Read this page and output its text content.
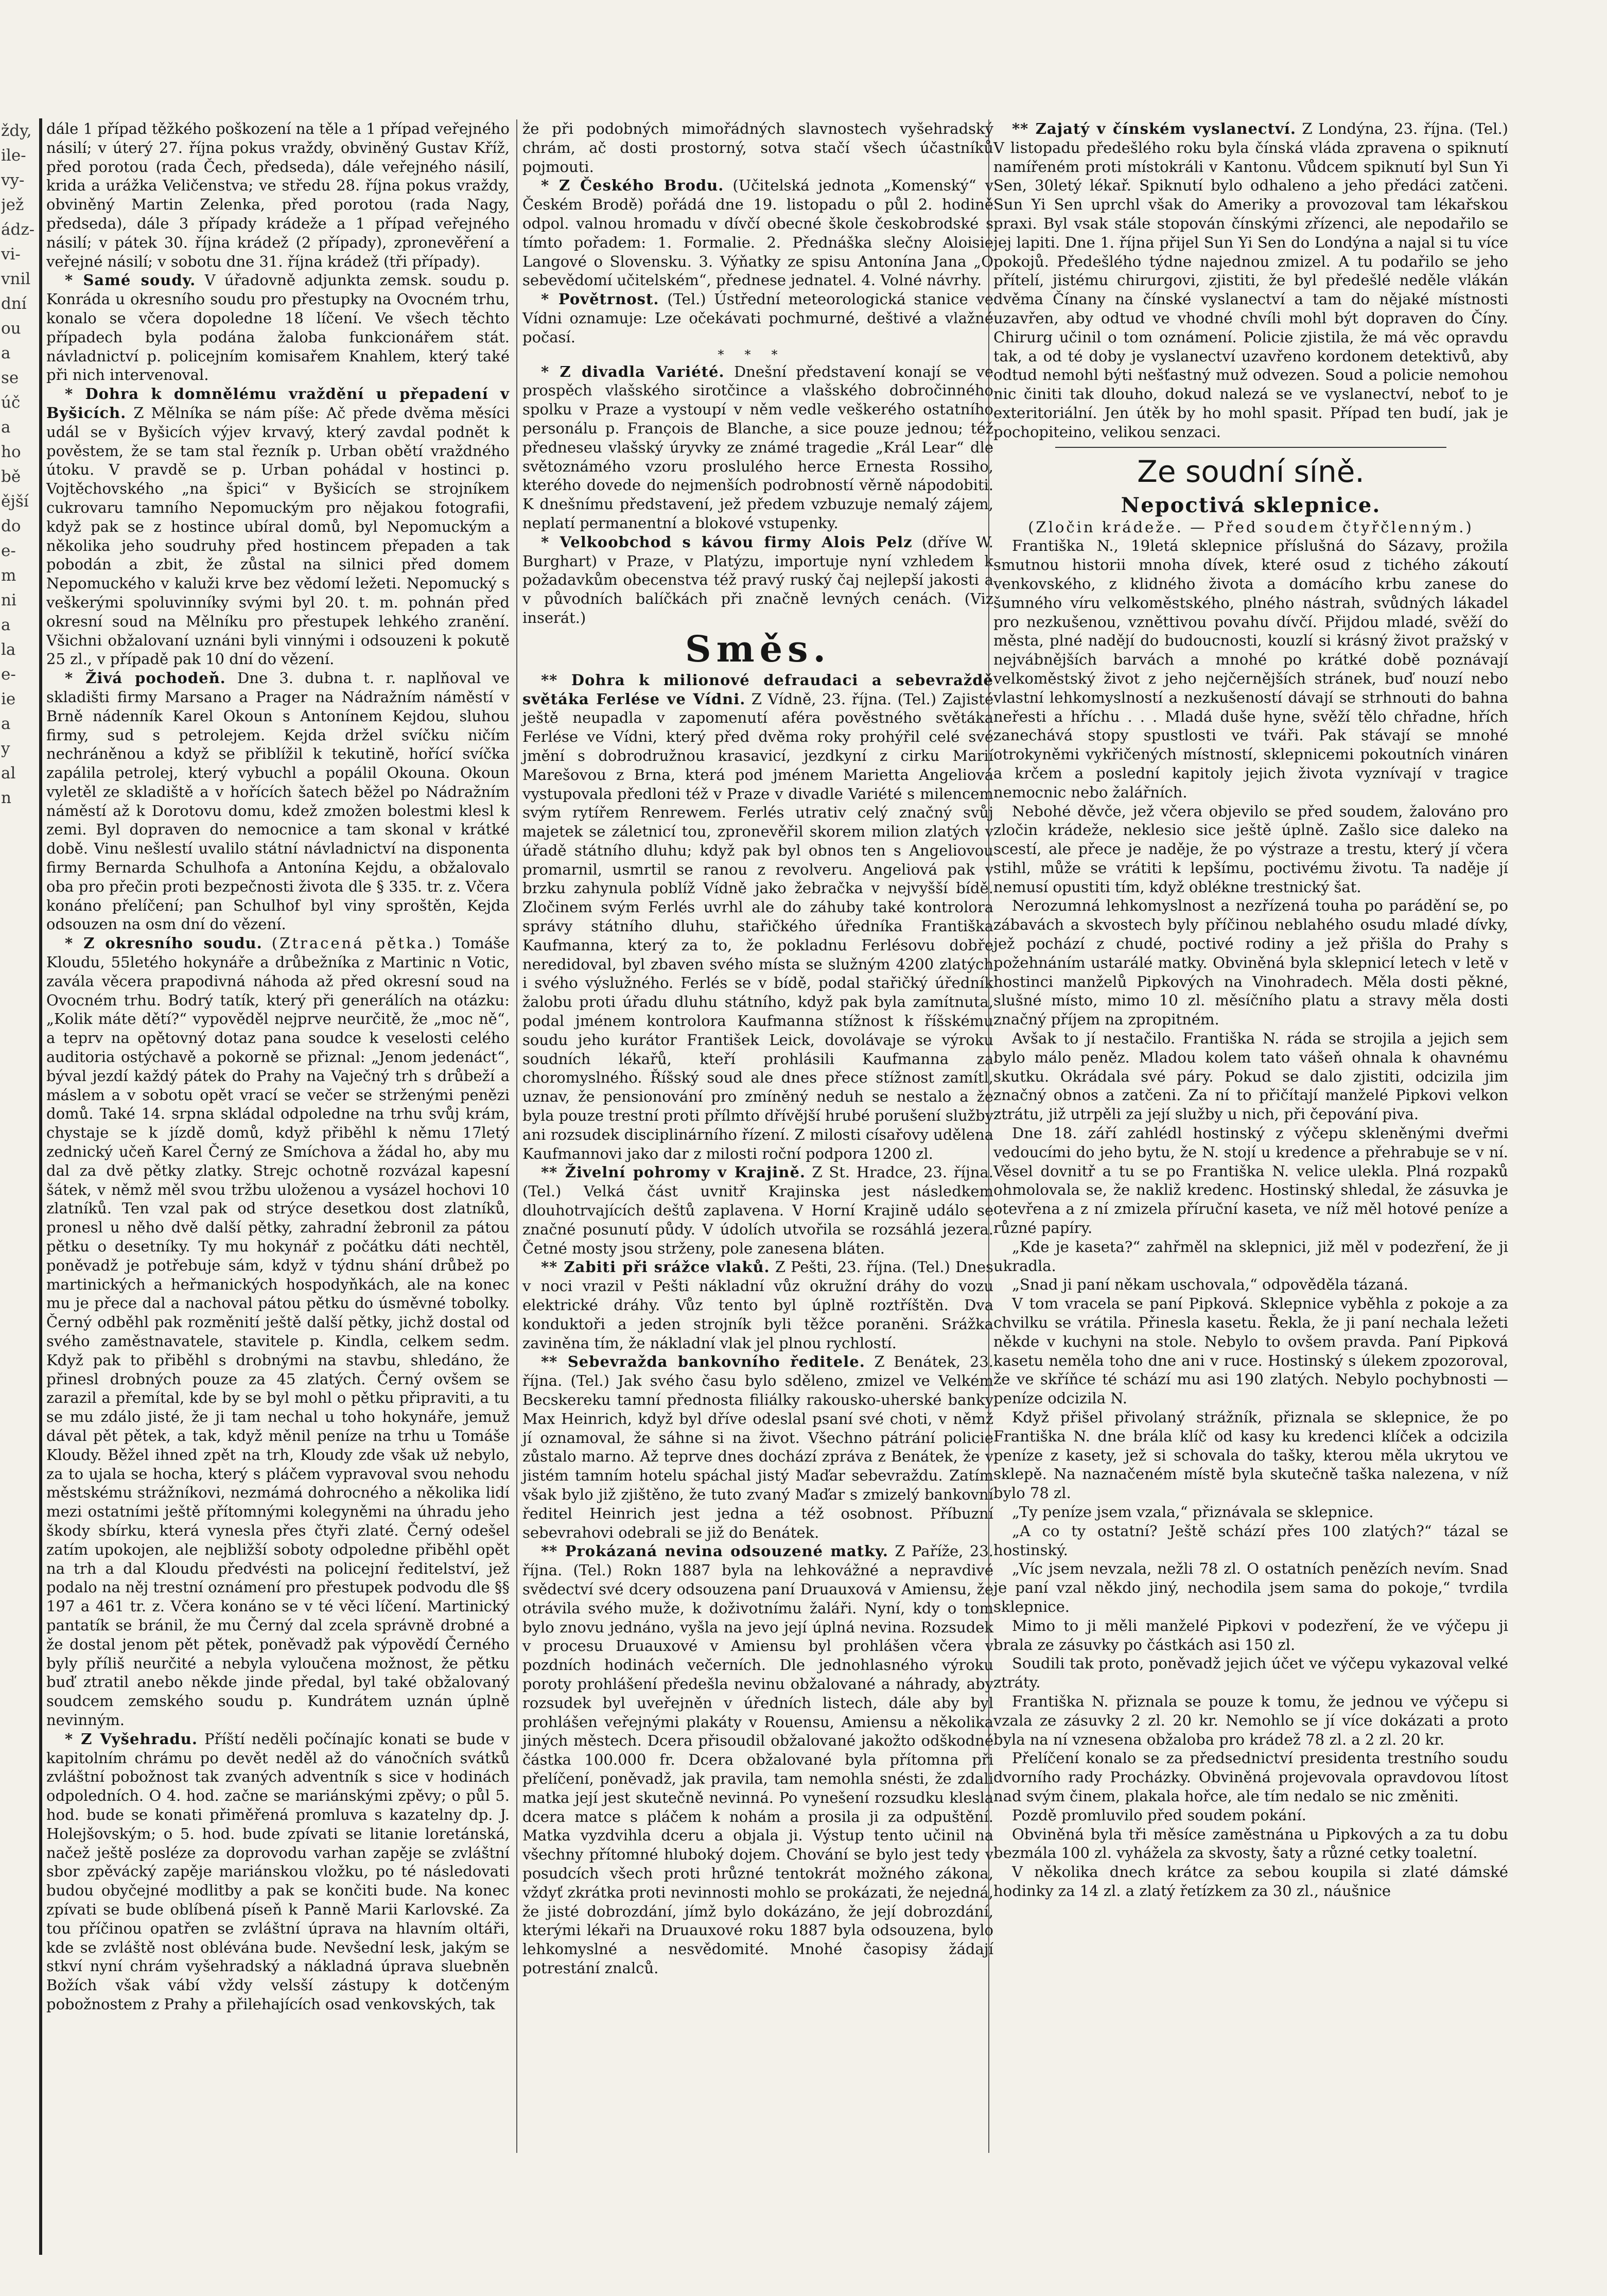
ždy,
ile-
vy-
jež
ádz-
vi-
vnil
dní
ou
a
se
úč
a
ho
bě
ější
do
e-
m
ni
a
la
e-
ie
a
y
al
n

dále 1 případ těžkého poškození na těle a 1 případ veřejného násilí; v úterý 27. října pokus vraždy, obviněný Gustav Kříž, před porotou (rada Čech, předseda), dále veřejného násilí, krida a urážka Veličenstva; ve středu 28. října pokus vraždy, obviněný Martin Zelenka, před porotou (rada Nagy, předseda), dále 3 případy krádeže a 1 případ veřejného násilí; v pátek 30. října krádež (2 případy), zpronevěření a veřejné násilí; v sobotu dne 31. října krádež (tři případy).

* Samé soudy. V úřadovně adjunkta zemsk. soudu p. Konráda u okresního soudu pro přestupky na Ovocném trhu, konalo se včera dopoledne 18 líčení. Ve všech těchto případech byla podána žaloba funkcionářem stát. návladnictví p. policejním komisařem Knahlem, který také při nich intervenoval.

* Dohra k domnělému vraždění u přepadení v Byšicích. Z Mělníka se nám píše: Ač přede dvěma měsíci udál se v Byšicích výjev krvavý, který zavdal podnět k pověstem, že se tam stal řezník p. Urban obětí vraždného útoku. V pravdě se p. Urban pohádal v hostinci p. Vojtěchovského „na špici“ v Byšicích se strojníkem cukrovaru tamního Nepomuckým pro nějakou fotografii, když pak se z hostince ubíral domů, byl Nepomuckým a několika jeho soudruhy před hostincem přepaden a tak pobodán a zbit, že zůstal na silnici před domem Nepomuckého v kaluži krve bez vědomí ležeti. Nepomucký s veškerými spoluvinníky svými byl 20. t. m. pohnán před okresní soud na Mělníku pro přestupek lehkého zranění. Všichni obžalovaní uznáni byli vinnými i odsouzeni k pokutě 25 zl., v případě pak 10 dní do vězení.

* Živá pochodeň. Dne 3. dubna t. r. naplňoval ve skladišti firmy Marsano a Prager na Nádražním náměstí v Brně nádenník Karel Okoun s Antonínem Kejdou, sluhou firmy, sud s petrolejem. Kejda držel svíčku ničím nechráněnou a když se přiblížil k tekutině, hořící svíčka zapálila petrolej, který vybuchl a popálil Okouna. Okoun vyletěl ze skladiště a v hořících šatech běžel po Nádražním náměstí až k Dorotovu domu, kdež zmožen bolestmi klesl k zemi. Byl dopraven do nemocnice a tam skonal v krátké době. Vinu nešlestí uvalilo státní návladnictví na disponenta firmy Bernarda Schulhofa a Antonína Kejdu, a obžalovalo oba pro přečin proti bezpečnosti života dle § 335. tr. z. Včera konáno přelíčení; pan Schulhof byl viny sproštěn, Kejda odsouzen na osm dní do vězení.

* Z okresního soudu. (Ztracená pětka.) Tomáše Kloudu, 55letého hokynáře a drůbežníka z Martinic n Votic, zavála věcera prapodivná náhoda až před okresní soud na Ovocném trhu. Bodrý tatík, který při generálích na otázku: „Kolik máte dětí?“ vypověděl nejprve neurčitě, že „moc ně“, a teprv na opětovný dotaz pana soudce k veselosti celého auditoria ostýchavě a pokorně se přiznal: „Jenom jedenáct“, býval jezdí každý pátek do Prahy na Vaječný trh s drůbeží a máslem a v sobotu opět vrací se večer se strženými penězi domů. Také 14. srpna skládal odpoledne na trhu svůj krám, chystaje se k jízdě domů, když přiběhl k němu 17letý zednický učeň Karel Černý ze Smíchova a žádal ho, aby mu dal za dvě pětky zlatky. Strejc ochotně rozvázal kapesní šátek, v němž měl svou tržbu uloženou a vysázel hochovi 10 zlatníků. Ten vzal pak od strýce desetkou dost zlatníků, pronesl u něho dvě další pětky, zahradní žebronil za pátou pětku o desetníky. Ty mu hokynář z počátku dáti nechtěl, poněvadž je potřebuje sám, když v týdnu shání drůbež po martinických a heřmanických hospodyňkách, ale na konec mu je přece dal a nachoval pátou pětku do úsměvné tobolky. Černý odběhl pak rozměnití ještě další pětky, jichž dostal od svého zaměstnavatele, stavitele p. Kindla, celkem sedm. Když pak to přiběhl s drobnými na stavbu, shledáno, že přinesl drobných pouze za 45 zlatých. Černý ovšem se zarazil a přemítal, kde by se byl mohl o pětku připraviti, a tu se mu zdálo jisté, že ji tam nechal u toho hokynáře, jemuž dával pět pětek, a tak, když měnil peníze na trhu u Tomáše Kloudy. Běžel ihned zpět na trh, Kloudy zde však už nebylo, za to ujala se hocha, který s pláčem vypravoval svou nehodu městskému strážníkovi, nezmámá dohrocného a několika lidí mezi ostatními ještě přítomnými kolegyněmi na úhradu jeho škody sbírku, která vynesla přes čtyři zlaté. Černý odešel zatím upokojen, ale nejbližší soboty odpoledne přiběhl opět na trh a dal Kloudu předvésti na policejní ředitelství, jež podalo na něj trestní oznámení pro přestupek podvodu dle §§ 197 a 461 tr. z. Včera konáno se v té věci líčení. Martinický pantatík se bránil, že mu Černý dal zcela správně drobné a že dostal jenom pět pětek, poněvadž pak výpovědí Černého byly příliš neurčité a nebyla vyloučena možnost, že pětku buď ztratil anebo někde jinde předal, byl také obžalovaný soudcem zemského soudu p. Kundrátem uznán úplně nevinným.

* Z Vyšehradu. Příští neděli počínajíc konati se bude v kapitolním chrámu po devět neděl až do vánočních svátků zvláštní pobožnost tak zvaných adventník s sice v hodinách odpoledních. O 4. hod. začne se mariánskými zpěvy; o půl 5. hod. bude se konati přiměřená promluva s kazatelny dp. J. Holejšovským; o 5. hod. bude zpívati se litanie loretánská, načež ještě posléze za doprovodu varhan zapěje se zvláštní sbor zpěvácký zapěje mariánskou vložku, po té následovati budou obyčejné modlitby a pak se končiti bude. Na konec zpívati se bude oblíbená píseň k Panně Marii Karlovské. Za tou příčinou opatřen se zvláštní úprava na hlavním oltáři, kde se zvláště nost oblévána bude. Nevšední lesk, jakým se stkví nyní chrám vyšehradský a nákladná úprava sluebněn Božích však vábí vždy velsší zástupy k dotčeným pobožnostem z Prahy a přilehajících osad venkovských, tak

že při podobných mimořádných slavnostech vyšehradský chrám, ač dosti prostorný, sotva stačí všech účastníků pojmouti.

* Z Českého Brodu. (Učitelská jednota „Komenský“ v Českém Brodě) pořádá dne 19. listopadu o půl 2. hodině odpol. valnou hromadu v dívčí obecné škole českobrodské s tímto pořadem: 1. Formalie. 2. Přednáška slečny Aloisie Langové o Slovensku. 3. Výňatky ze spisu Antonína Jana „O sebevědomí učitelském“, přednese jednatel. 4. Volné návrhy.

* Povětrnost. (Tel.) Ústřední meteorologická stanice ve Vídni oznamuje: Lze očekávati pochmurné, deštivé a vlažné počasí.

***

* Z divadla Variété. Dnešní představení konají se ve prospěch vlašského sirotčince a vlašského dobročinného spolku v Praze a vystoupí v něm vedle veškerého ostatního personálu p. François de Blanche, a sice pouze jednou; též předneseu vlašský úryvky ze známé tragedie „Král Lear“ dle světoznámého vzoru proslulého herce Ernesta Rossiho, kterého dovede do nejmenších podrobností věrně nápodobiti. K dnešnímu představení, jež předem vzbuzuje nemalý zájem, neplatí permanentní a blokové vstupenky.

* Velkoobchod s kávou firmy Alois Pelz (dříve W. Burghart) v Praze, v Platýzu, importuje nyní vzhledem k požadavkům obecenstva též pravý ruský čaj nejlepší jakosti a v původních balíčkách při značně levných cenách. (Viz inserát.)

Směs.

** Dohra k milionové defraudaci a sebevraždě světáka Ferlése ve Vídni. Z Vídně, 23. října. (Tel.) Zajisté ještě neupadla v zapomenutí aféra pověstného světáka Ferlése ve Vídni, který před dvěma roky prohýřil celé své jmění s dobrodružnou krasavicí, jezdkyní z cirku Marií Marešovou z Brna, která pod jménem Marietta Angeliová vystupovala předloni též v Praze v divadle Variété s milencem svým rytířem Renrewem. Ferlés utrativ celý značný svůj majetek se záletnicí tou, zpronevěřil skorem milion zlatých v úřadě státního dluhu; když pak byl obnos ten s Angeliovou promarnil, usmrtil se ranou z revolveru. Angeliová pak v brzku zahynula poblíž Vídně jako žebračka v nejvyšší bídě. Zločinem svým Ferlés uvrhl ale do záhuby také kontrolora správy státního dluhu, stařičkého úředníka Františka Kaufmanna, který za to, že pokladnu Ferlésovu dobře neredidoval, byl zbaven svého místa se služným 4200 zlatých i svého výslužného. Ferlés se v bídě, podal stařičký úředník žalobu proti úřadu dluhu státního, když pak byla zamítnuta, podal jménem kontrolora Kaufmanna stížnost k říšskému soudu jeho kurátor František Leick, dovolávaje se výroku soudních lékařů, kteří prohlásili Kaufmanna za choromyslného. Říšský soud ale dnes přece stížnost zamítl, uznav, že pensionování pro zmíněný neduh se nestalo a že byla pouze trestní proti přílmto dřívější hrubé porušení služby ani rozsudek disciplinárního řízení. Z milosti císařovy udělena Kaufmannovi jako dar z milosti roční podpora 1200 zl.

** Živelní pohromy v Krajině. Z St. Hradce, 23. října. (Tel.) Velká část uvnitř Krajinska jest následkem dlouhotrvajících deštů zaplavena. V Horní Krajině událo se značné posunutí půdy. V údolích utvořila se rozsáhlá jezera. Četné mosty jsou strženy, pole zanesena bláten.

** Zabiti při srážce vlaků. Z Pešti, 23. října. (Tel.) Dnes v noci vrazil v Pešti nákladní vůz okružní dráhy do vozu elektrické dráhy. Vůz tento byl úplně roztříštěn. Dva konduktoři a jeden strojník byli těžce poraněni. Srážka zaviněna tím, že nákladní vlak jel plnou rychlostí.

** Sebevražda bankovního ředitele. Z Benátek, 23. října. (Tel.) Jak svého času bylo sděleno, zmizel ve Velkém Becskereku tamní přednosta filiálky rakousko-uherské banky Max Heinrich, když byl dříve odeslal psaní své choti, v němž jí oznamoval, že sáhne si na život. Všechno pátrání policie zůstalo marno. Až teprve dnes dochází zpráva z Benátek, že v jistém tamním hotelu spáchal jistý Maďar sebevraždu. Zatím však bylo již zjištěno, že tuto zvaný Maďar s zmizelý bankovní ředitel Heinrich jest jedna a též osobnost. Příbuzní sebevrahovi odebrali se již do Benátek.

** Prokázaná nevina odsouzené matky. Z Paříže, 23. října. (Tel.) Rokn 1887 byla na lehkovážné a nepravdivé svědectví své dcery odsouzena paní Druauxová v Amiensu, že otrávila svého muže, k doživotnímu žaláři. Nyní, kdy o tom bylo znovu jednáno, vyšla na jevo její úplná nevina. Rozsudek v procesu Druauxové v Amiensu byl prohlášen včera v pozdních hodinách večerních. Dle jednohlasného výroku poroty prohlášení předešla nevinu obžalované a náhrady, aby rozsudek byl uveřejněn v úředních listech, dále aby byl prohlášen veřejnými plakáty v Rouensu, Amiensu a několika jiných městech. Dcera přisoudil obžalované jakožto odškodné částka 100.000 fr. Dcera obžalované byla přítomna při přelíčení, poněvadž, jak pravila, tam nemohla snésti, že zdali matka její jest skutečně nevinná. Po vynešení rozsudku klesla dcera matce s pláčem k nohám a prosila ji za odpuštění. Matka vyzdvihla dceru a objala ji. Výstup tento učinil na všechny přítomné hluboký dojem. Chování se bylo jest tedy v posudcích všech proti hrůzné tentokrát možného zákona, vždyť zkrátka proti nevinnosti mohlo se prokázati, že nejedná, že jisté dobrozdání, jímž bylo dokázáno, že její dobrozdání, kterými lékaři na Druauxové roku 1887 byla odsouzena, bylo lehkomyslné a nesvědomité. Mnohé časopisy žádají potrestání znalců.

** Zajatý v čínském vyslanectví. Z Londýna, 23. října. (Tel.) V listopadu předešlého roku byla čínská vláda zpravena o spiknutí namířeném proti místokráli v Kantonu. Vůdcem spiknutí byl Sun Yi Sen, 30letý lékař. Spiknutí bylo odhaleno a jeho předáci zatčeni. Sun Yi Sen uprchl však do Ameriky a provozoval tam lékařskou praxi. Byl vsak stále stopován čínskými zřízenci, ale nepodařilo se jej lapiti. Dne 1. října přijel Sun Yi Sen do Londýna a najal si tu více pokojů. Předešlého týdne najednou zmizel. A tu podařilo se jeho přítelí, jistému chirurgovi, zjistiti, že byl předešlé neděle vlákán dvěma Čínany na čínské vyslanectví a tam do nějaké místnosti uzavřen, aby odtud ve vhodné chvíli mohl být dopraven do Číny. Chirurg učinil o tom oznámení. Policie zjistila, že má věc opravdu tak, a od té doby je vyslanectví uzavřeno kordonem detektivů, aby odtud nemohl býti nešťastný muž odvezen. Soud a policie nemohou nic činiti tak dlouho, dokud nalezá se ve vyslanectví, neboť to je exteritoriální. Jen útěk by ho mohl spasit. Případ ten budí, jak je pochopiteino, velikou senzaci.

Ze soudní síně.
Nepoctivá sklepnice.
(Zločin krádeže. — Před soudem čtyřčlenným.)

Františka N., 19letá sklepnice příslušná do Sázavy, prožila smutnou historii mnoha dívek, které osud z tichého zákoutí venkovského, z klidného života a domácího krbu zanese do šumného víru velkoměstského, plného nástrah, svůdných lákadel pro nezkušenou, vzněttivou povahu dívčí. Přijdou mladé, svěží do města, plné nadějí do budoucnosti, kouzlí si krásný život pražský v nejvábnějších barvách a mnohé po krátké době poznávají velkoměstský život z jeho nejčernějších stránek, buď nouzí nebo vlastní lehkomyslností a nezkušeností dávají se strhnouti do bahna neřesti a hříchu . . . Mladá duše hyne, svěží tělo chřadne, hřích zanechává stopy spustlosti ve tváři. Pak stávají se mnohé otrokyněmi vykřičených místností, sklepnicemi pokoutních vináren a krčem a poslední kapitoly jejich života vyznívají v tragice nemocnic nebo žalářních.

Nebohé děvče, jež včera objevilo se před soudem, žalováno pro zločin krádeže, neklesio sice ještě úplně. Zašlo sice daleko na scestí, ale přece je naděje, že po výstraze a trestu, který jí včera stihl, může se vrátiti k lepšímu, poctivému životu. Ta naděje jí nemusí opustiti tím, když oblékne trestnický šat.

Nerozumná lehkomyslnost a nezřízená touha po parádění se, po zábavách a skvostech byly příčinou neblahého osudu mladé dívky, jež pochází z chudé, poctivé rodiny a jež přišla do Prahy s požehnáním ustarálé matky. Obviněná byla sklepnicí letech v letě v hostinci manželů Pipkových na Vinohradech. Měla dosti pěkné, slušné místo, mimo 10 zl. měsíčního platu a stravy měla dosti značný příjem na zpropitném.

Avšak to jí nestačilo. Františka N. ráda se strojila a jejich sem bylo málo peněz. Mladou kolem tato vášeň ohnala k ohavnému skutku. Okrádala své páry. Pokud se dalo zjistiti, odcizila jim značný obnos a zatčeni. Za ní to přičítají manželé Pipkovi velkon ztrátu, již utrpěli za její služby u nich, při čepování piva.

Dne 18. září zahlédl hostinský z výčepu skleněnými dveřmi vedoucími do jeho bytu, že N. stojí u kredence a přehrabuje se v ní. Věsel dovnitř a tu se po Františka N. velice ulekla. Plná rozpaků ohmolovala se, že nakliž kredenc. Hostinský shledal, že zásuvka je otevřena a z ní zmizela příruční kaseta, ve níž měl hotové peníze a různé papíry.

„Kde je kaseta?“ zahřměl na sklepnici, již měl v podezření, že ji ukradla.

„Snad ji paní někam uschovala,“ odpověděla tázaná.

V tom vracela se paní Pipková. Sklepnice vyběhla z pokoje a za chvilku se vrátila. Přinesla kasetu. Řekla, že ji paní nechala ležeti někde v kuchyni na stole. Nebylo to ovšem pravda. Paní Pipková kasetu neměla toho dne ani v ruce. Hostinský s úlekem zpozoroval, že ve skříňce té schází mu asi 190 zlatých. Nebylo pochybnosti — peníze odcizila N.

Když přišel přivolaný strážník, přiznala se sklepnice, že po Františka N. dne brála klíč od kasy ku kredenci klíček a odcizila peníze z kasety, jež si schovala do tašky, kterou měla ukrytou ve sklepě. Na naznačeném místě byla skutečně taška nalezena, v níž bylo 78 zl.

„Ty peníze jsem vzala,“ přiznávala se sklepnice.

„A co ty ostatní? Ještě schází přes 100 zlatých?“ tázal se hostinský.

„Víc jsem nevzala, nežli 78 zl. O ostatních penězích nevím. Snad je paní vzal někdo jiný, nechodila jsem sama do pokoje,“ tvrdila sklepnice.

Mimo to ji měli manželé Pipkovi v podezření, že ve výčepu ji brala ze zásuvky po částkách asi 150 zl.

Soudili tak proto, poněvadž jejich účet ve výčepu vykazoval velké ztráty.

Františka N. přiznala se pouze k tomu, že jednou ve výčepu si vzala ze zásuvky 2 zl. 20 kr. Nemohlo se jí více dokázati a proto byla na ní vznesena obžaloba pro krádež 78 zl. a 2 zl. 20 kr.

Přelíčení konalo se za předsednictví presidenta trestního soudu dvorního rady Procházky. Obviněná projevovala opravdovou lítost nad svým činem, plakala hořce, ale tím nedalo se nic změniti.

Pozdě promluvilo před soudem pokání.

Obviněná byla tři měsíce zaměstnána u Pipkových a za tu dobu bezmála 100 zl. vyhážela za skvosty, šaty a různé cetky toaletní.

V několika dnech krátce za sebou koupila si zlaté dámské hodinky za 14 zl. a zlatý řetízkem za 30 zl., náušnice
